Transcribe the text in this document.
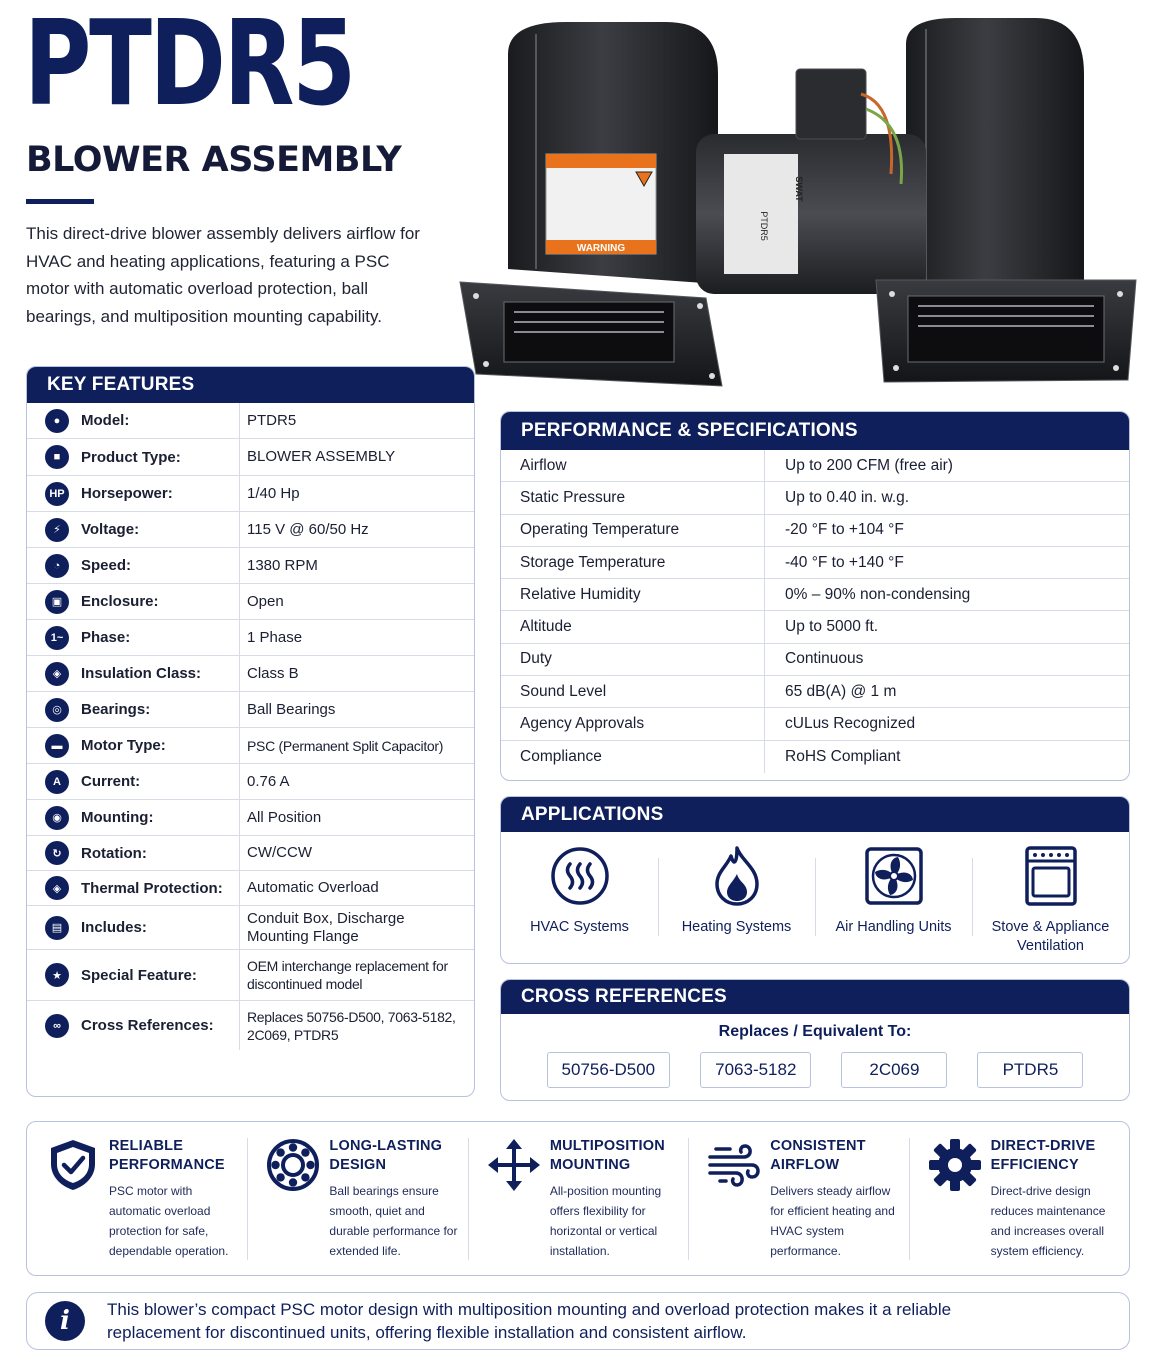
PTDR5
BLOWER ASSEMBLY

This direct-drive blower assembly delivers airflow for HVAC and heating applications, featuring a PSC motor with automatic overload protection, ball bearings, and multiposition mounting capability.

PTDR5
SWAT
WARNING
KEY FEATURES
●	Model:	PTDR5
■	Product Type:	BLOWER ASSEMBLY
HP	Horsepower:	1/40 Hp
⚡	Voltage:	115 V @ 60/50 Hz
◔	Speed:	1380 RPM
▣	Enclosure:	Open
1~	Phase:	1 Phase
◈	Insulation Class:	Class B
◎	Bearings:	Ball Bearings
▬	Motor Type:	PSC (Permanent Split Capacitor)
A	Current:	0.76 A
◉	Mounting:	All Position
↻	Rotation:	CW/CCW
◈	Thermal Protection:	Automatic Overload
▤	Includes:
Conduit Box, Discharge Mounting Flange
★	Special Feature:
OEM interchange replacement for discontinued model
∞	Cross References:
Replaces 50756-D500, 7063-5182, 2C069, PTDR5
PERFORMANCE & SPECIFICATIONS
Airflow	Up to 200 CFM (free air)
Static Pressure	Up to 0.40 in. w.g.
Operating Temperature	-20 °F to +104 °F
Storage Temperature	-40 °F to +140 °F
Relative Humidity	0% – 90% non-condensing
Altitude	Up to 5000 ft.
Duty	Continuous
Sound Level	65 dB(A) @ 1 m
Agency Approvals	cULus Recognized
Compliance	RoHS Compliant
APPLICATIONS
HVAC Systems	Heating Systems	Air Handling Units	Stove & Appliance Ventilation
CROSS REFERENCES
Replaces / Equivalent To:
50756-D500	7063-5182	2C069	PTDR5
RELIABLE PERFORMANCE
PSC motor with automatic overload protection for safe, dependable operation.
LONG-LASTING DESIGN
Ball bearings ensure smooth, quiet and durable performance for extended life.
MULTIPOSITION MOUNTING
All-position mounting offers flexibility for horizontal or vertical installation.
CONSISTENT AIRFLOW
Delivers steady airflow for efficient heating and HVAC system performance.
DIRECT-DRIVE EFFICIENCY
Direct-drive design reduces maintenance and increases overall system efficiency.
i	This blower’s compact PSC motor design with multiposition mounting and overload protection makes it a reliable replacement for discontinued units, offering flexible installation and consistent airflow.
